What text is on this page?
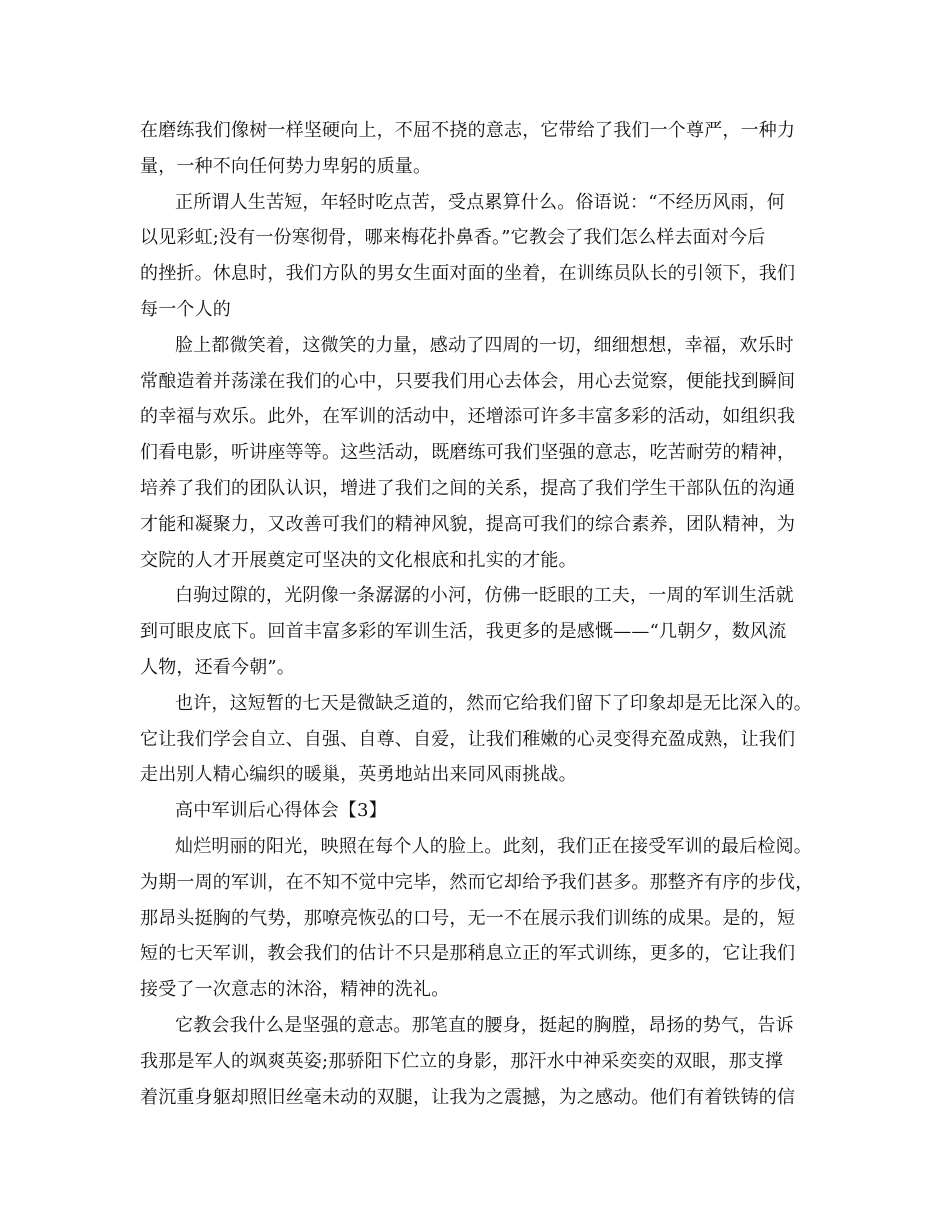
在磨练我们像树一样坚硬向上，不屈不挠的意志，它带给了我们一个尊严，一种力
量，一种不向任何势力卑躬的质量。
正所谓人生苦短，年轻时吃点苦，受点累算什么。俗语说：“不经历风雨，何
以见彩虹;没有一份寒彻骨，哪来梅花扑鼻香。”它教会了我们怎么样去面对今后
的挫折。休息时，我们方队的男女生面对面的坐着，在训练员队长的引领下，我们
每一个人的
脸上都微笑着，这微笑的力量，感动了四周的一切，细细想想，幸福，欢乐时
常酿造着并荡漾在我们的心中，只要我们用心去体会，用心去觉察，便能找到瞬间
的幸福与欢乐。此外，在军训的活动中，还增添可许多丰富多彩的活动，如组织我
们看电影，听讲座等等。这些活动，既磨练可我们坚强的意志，吃苦耐劳的精神，
培养了我们的团队认识，增进了我们之间的关系，提高了我们学生干部队伍的沟通
才能和凝聚力，又改善可我们的精神风貌，提高可我们的综合素养，团队精神，为
交院的人才开展奠定可坚决的文化根底和扎实的才能。
白驹过隙的，光阴像一条潺潺的小河，仿佛一眨眼的工夫，一周的军训生活就
到可眼皮底下。回首丰富多彩的军训生活，我更多的是感慨——“几朝夕，数风流
人物，还看今朝”。
也许，这短暂的七天是微缺乏道的，然而它给我们留下了印象却是无比深入的。
它让我们学会自立、自强、自尊、自爱，让我们稚嫩的心灵变得充盈成熟，让我们
走出别人精心编织的暖巢，英勇地站出来同风雨挑战。
高中军训后心得体会【3】
灿烂明丽的阳光，映照在每个人的脸上。此刻，我们正在接受军训的最后检阅。
为期一周的军训，在不知不觉中完毕，然而它却给予我们甚多。那整齐有序的步伐，
那昂头挺胸的气势，那嘹亮恢弘的口号，无一不在展示我们训练的成果。是的，短
短的七天军训，教会我们的估计不只是那稍息立正的军式训练，更多的，它让我们
接受了一次意志的沐浴，精神的洗礼。
它教会我什么是坚强的意志。那笔直的腰身，挺起的胸膛，昂扬的势气，告诉
我那是军人的飒爽英姿;那骄阳下伫立的身影，那汗水中神采奕奕的双眼，那支撑
着沉重身躯却照旧丝毫未动的双腿，让我为之震撼，为之感动。他们有着铁铸的信
